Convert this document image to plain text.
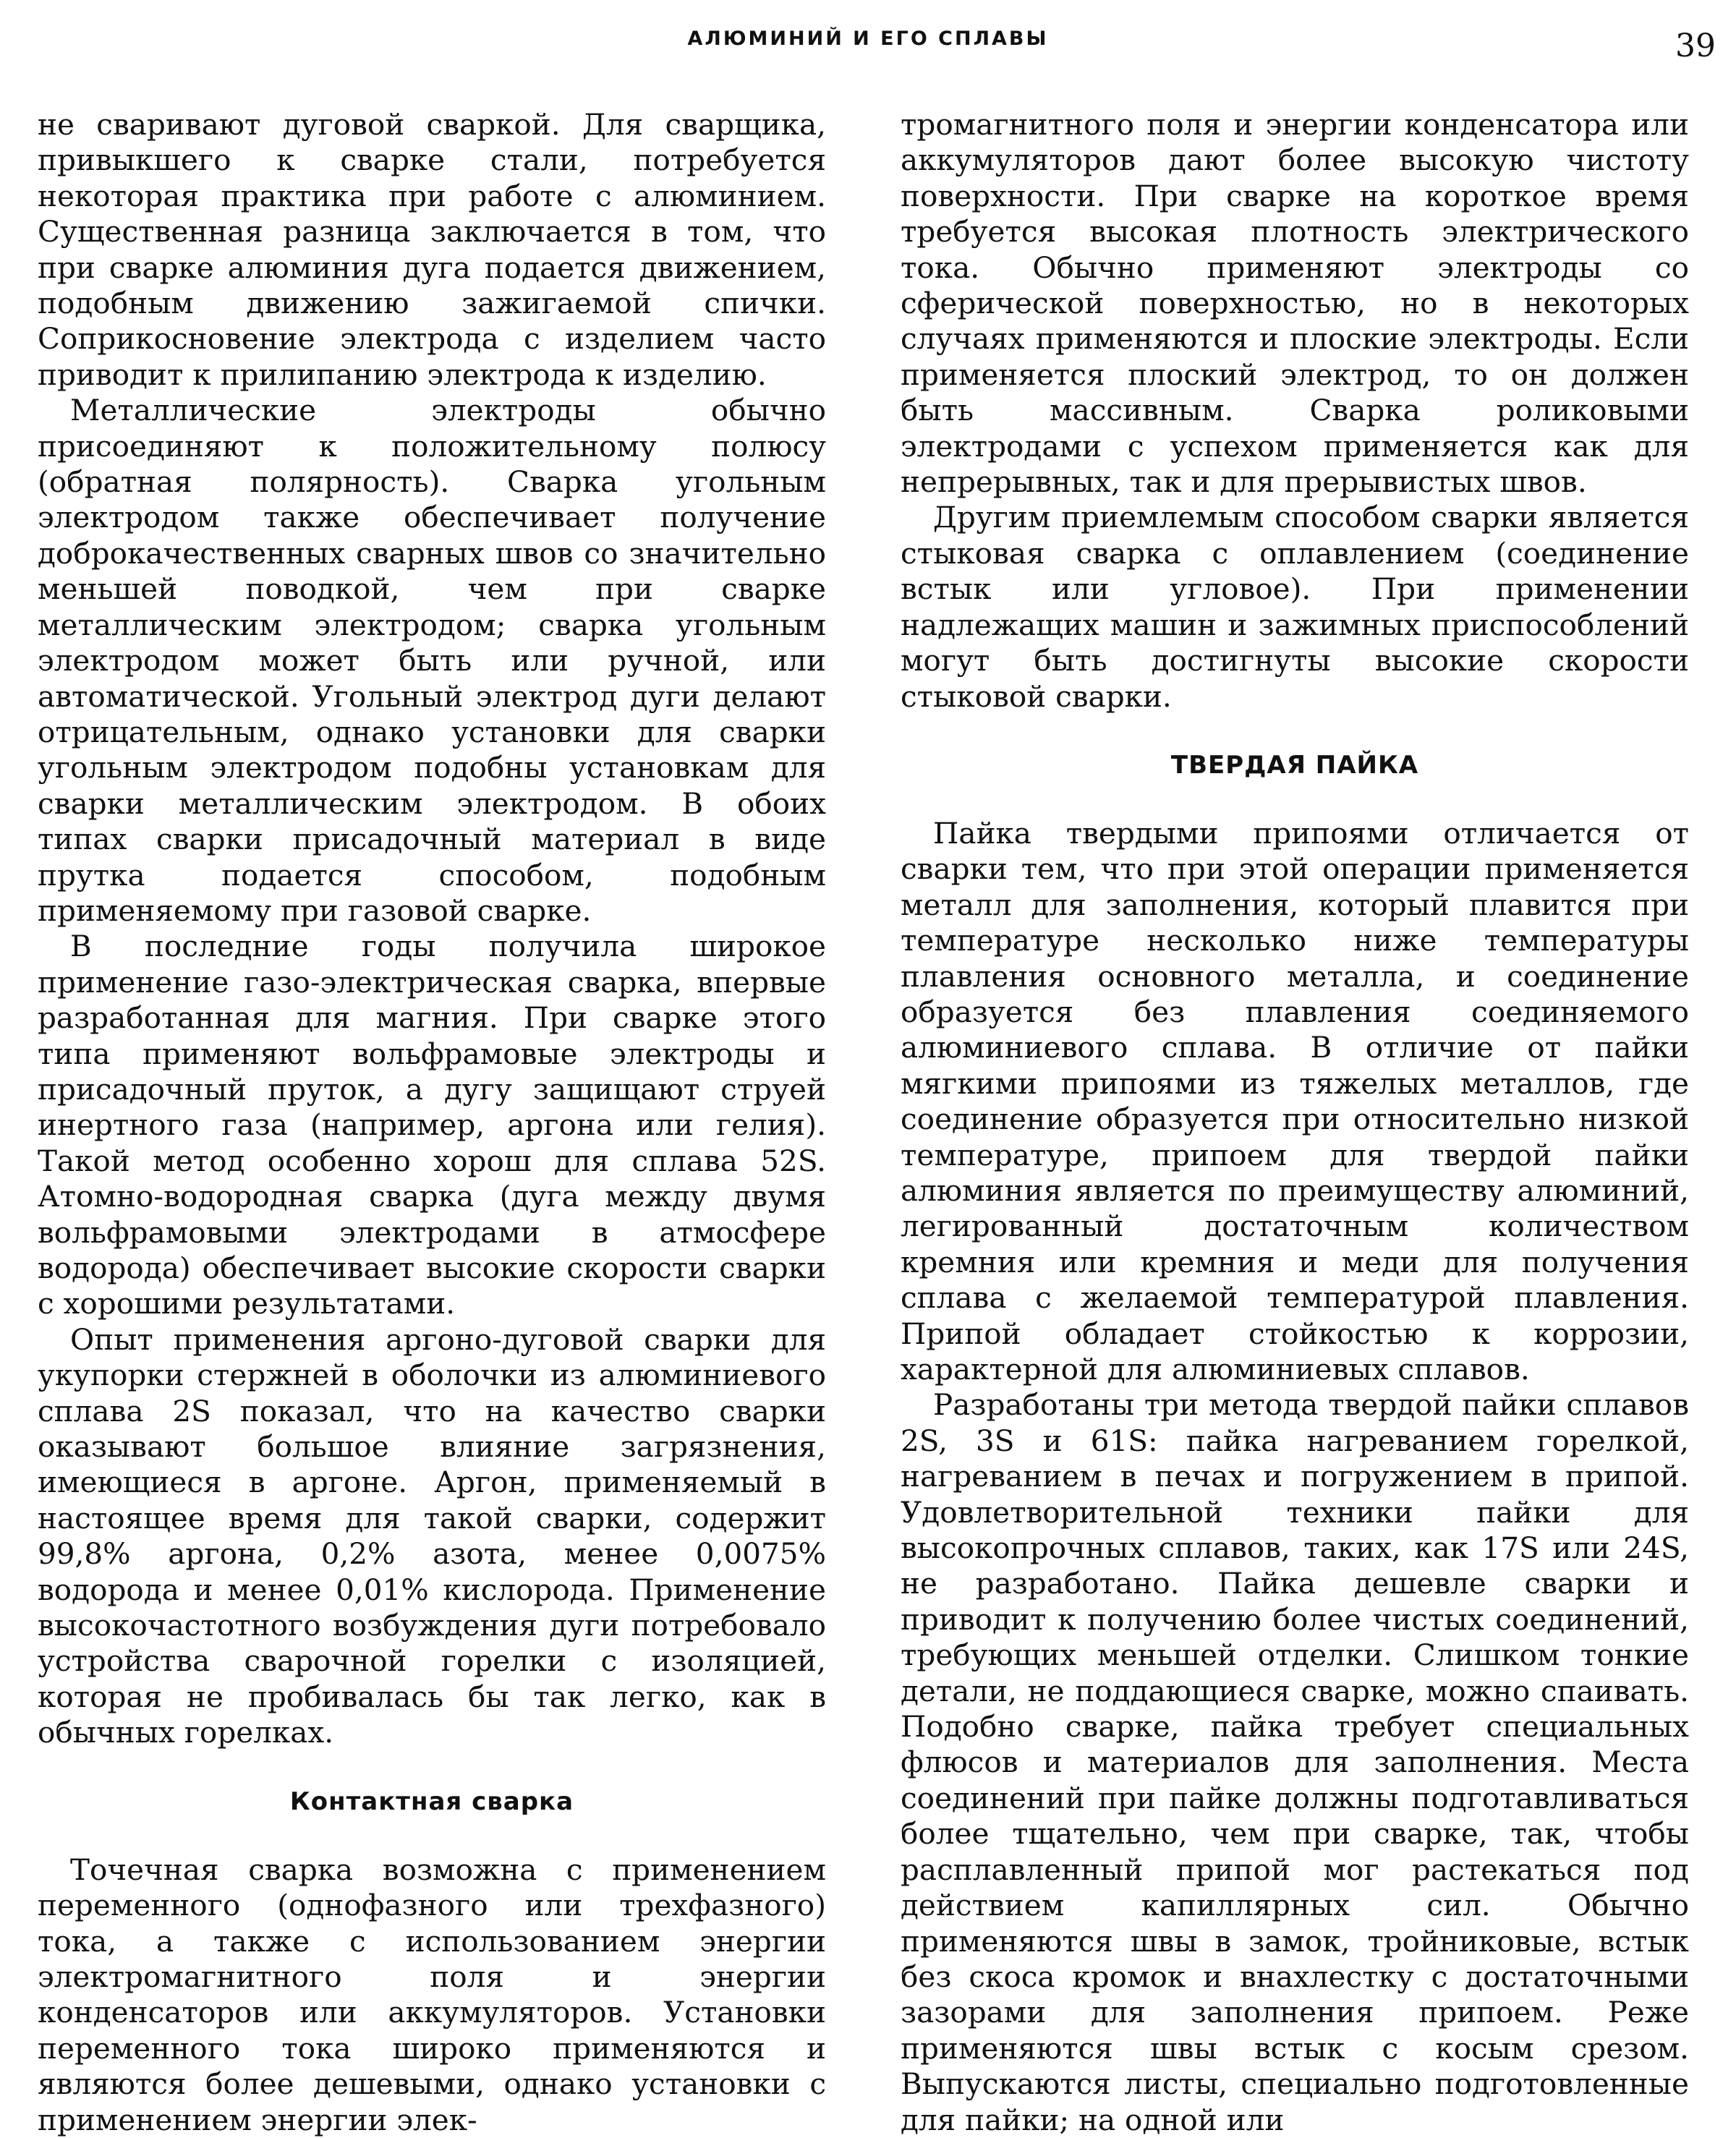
АЛЮМИНИЙ И ЕГО СПЛАВЫ	39

не сваривают дуговой сваркой. Для сварщика, привыкшего к сварке стали, потребуется некоторая практика при работе с алюминием. Существенная разница заключается в том, что при сварке алюминия дуга подается движением, подобным движению зажигаемой спички. Соприкосновение электрода с изделием часто приводит к прилипанию электрода к изделию.

Металлические электроды обычно присоединяют к положительному полюсу (обратная полярность). Сварка угольным электродом также обеспечивает получение доброкачественных сварных швов со значительно меньшей поводкой, чем при сварке металлическим электродом; сварка угольным электродом может быть или ручной, или автоматической. Угольный электрод дуги делают отрицательным, однако установки для сварки угольным электродом подобны установкам для сварки металлическим электродом. В обоих типах сварки присадочный материал в виде прутка подается способом, подобным применяемому при газовой сварке.

В последние годы получила широкое применение газо-электрическая сварка, впервые разработанная для магния. При сварке этого типа применяют вольфрамовые электроды и присадочный пруток, а дугу защищают струей инертного газа (например, аргона или гелия). Такой метод особенно хорош для сплава 52S. Атомно-водородная сварка (дуга между двумя вольфрамовыми электродами в атмосфере водорода) обеспечивает высокие скорости сварки с хорошими результатами.

Опыт применения аргоно-дуговой сварки для укупорки стержней в оболочки из алюминиевого сплава 2S показал, что на качество сварки оказывают большое влияние загрязнения, имеющиеся в аргоне. Аргон, применяемый в настоящее время для такой сварки, содержит 99,8% аргона, 0,2% азота, менее 0,0075% водорода и менее 0,01% кислорода. Применение высокочастотного возбуждения дуги потребовало устройства сварочной горелки с изоляцией, которая не пробивалась бы так легко, как в обычных горелках.

Контактная сварка

Точечная сварка возможна с применением переменного (однофазного или трехфазного) тока, а также с использованием энергии электромагнитного поля и энергии конденсаторов или аккумуляторов. Установки переменного тока широко применяются и являются более дешевыми, однако установки с применением энергии элек-

тромагнитного поля и энергии конденсатора или аккумуляторов дают более высокую чистоту поверхности. При сварке на короткое время требуется высокая плотность электрического тока. Обычно применяют электроды со сферической поверхностью, но в некоторых случаях применяются и плоские электроды. Если применяется плоский электрод, то он должен быть массивным. Сварка роликовыми электродами с успехом применяется как для непрерывных, так и для прерывистых швов.

Другим приемлемым способом сварки является стыковая сварка с оплавлением (соединение встык или угловое). При применении надлежащих машин и зажимных приспособлений могут быть достигнуты высокие скорости стыковой сварки.

ТВЕРДАЯ ПАЙКА

Пайка твердыми припоями отличается от сварки тем, что при этой операции применяется металл для заполнения, который плавится при температуре несколько ниже температуры плавления основного металла, и соединение образуется без плавления соединяемого алюминиевого сплава. В отличие от пайки мягкими припоями из тяжелых металлов, где соединение образуется при относительно низкой температуре, припоем для твердой пайки алюминия является по преимуществу алюминий, легированный достаточным количеством кремния или кремния и меди для получения сплава с желаемой температурой плавления. Припой обладает стойкостью к коррозии, характерной для алюминиевых сплавов.

Разработаны три метода твердой пайки сплавов 2S, 3S и 61S: пайка нагреванием горелкой, нагреванием в печах и погружением в припой. Удовлетворительной техники пайки для высокопрочных сплавов, таких, как 17S или 24S, не разработано. Пайка дешевле сварки и приводит к получению более чистых соединений, требующих меньшей отделки. Слишком тонкие детали, не поддающиеся сварке, можно спаивать. Подобно сварке, пайка требует специальных флюсов и материалов для заполнения. Места соединений при пайке должны подготавливаться более тщательно, чем при сварке, так, чтобы расплавленный припой мог растекаться под действием капиллярных сил. Обычно применяются швы в замок, тройниковые, встык без скоса кромок и внахлестку с достаточными зазорами для заполнения припоем. Реже применяются швы встык с косым срезом. Выпускаются листы, специально подготовленные для пайки; на одной или
